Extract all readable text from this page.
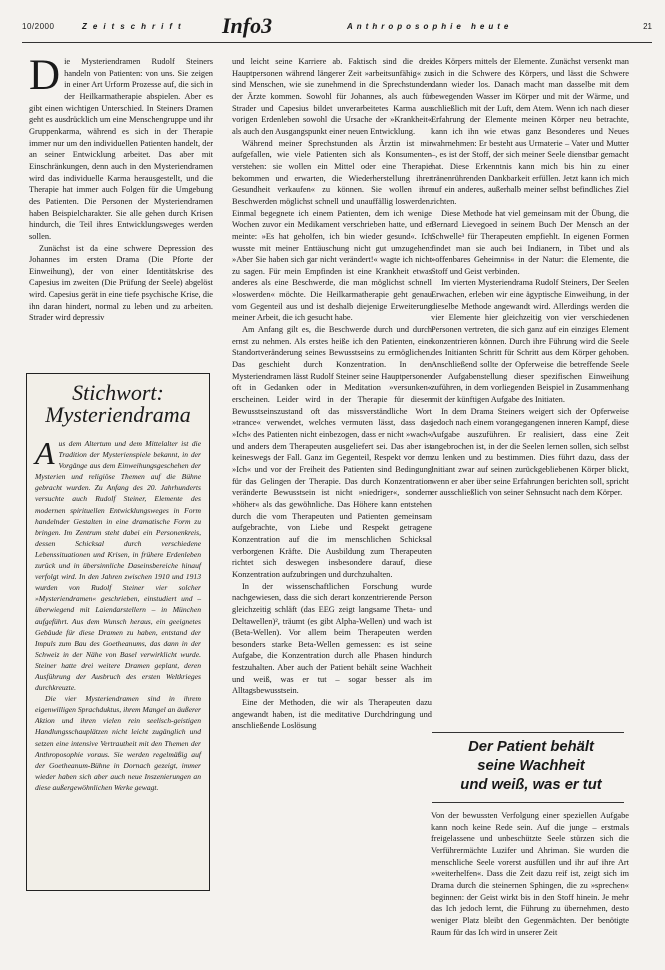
10/2000	Zeitschrift Info3	Anthroposophie heute	21

Die Mysteriendramen Rudolf Steiners handeln von Patienten: von uns. Sie zeigen in einer Art Urform Prozesse auf, die sich in der Heilkarmatherapie abspielen. Aber es gibt einen wichtigen Unterschied. In Steiners Dramen geht es ausdrücklich um eine Menschengruppe und ihr Gruppenkarma, während es sich in der Therapie immer nur um den individuellen Patienten handelt, der an seiner Entwicklung arbeitet. Das aber mit Einschränkungen, denn auch in den Mysteriendramen wird das individuelle Karma herausgestellt, und die Therapie hat immer auch Folgen für die Umgebung des Patienten. Die Personen der Mysteriendramen haben Beispielcharakter. Sie alle gehen durch Krisen hindurch, die Teil ihres Entwicklungsweges werden sollen.

Zunächst ist da eine schwere Depression des Johannes im ersten Drama (Die Pforte der Einweihung), der von einer Identitätskrise des Capesius im zweiten (Die Prüfung der Seele) abgelöst wird. Capesius gerät in eine tiefe psychische Krise, die ihn daran hindert, normal zu leben und zu arbeiten. Strader wird depressiv

Stichwort:
Mysteriendrama

Aus dem Altertum und dem Mittelalter ist die Tradition der Mysterienspiele bekannt, in der Vorgänge aus dem Einweihungsgeschehen der Mysterien und religiöse Themen auf die Bühne gebracht wurden. Zu Anfang des 20. Jahrhunderts versuchte auch Rudolf Steiner, Elemente des modernen spirituellen Entwicklungsweges in Form handelnder Gestalten in eine dramatische Form zu bringen. Im Zentrum steht dabei ein Personenkreis, dessen Schicksal durch verschiedene Lebenssituationen und Krisen, in frühere Erdenleben zurück und in übersinnliche Daseinsbereiche hinauf verfolgt wird. In den Jahren zwischen 1910 und 1913 wurden von Rudolf Steiner vier solcher »Mysteriendramen« geschrieben, einstudiert und – überwiegend mit Laiendarstellern – in München aufgeführt. Aus dem Wunsch heraus, ein geeignetes Gebäude für diese Dramen zu haben, entstand der Impuls zum Bau des Goetheanums, das dann in der Schweiz in der Nähe von Basel verwirklicht wurde. Steiner hatte drei weitere Dramen geplant, deren Ausführung der Ausbruch des ersten Weltkrieges durchkreuzte.

Die vier Mysteriendramen sind in ihrem eigenwilligen Sprachduktus, ihrem Mangel an äußerer Aktion und ihren vielen rein seelisch-geistigen Handlungsschauplätzen nicht leicht zugänglich und setzen eine intensive Vertrautheit mit den Themen der Anthroposophie voraus. Sie werden regelmäßig auf der Goetheanum-Bühne in Dornach gezeigt, immer wieder haben sich aber auch neue Inszenierungen an diese außergewöhnlichen Werke gewagt.

und leicht seine Karriere ab. Faktisch sind die drei Hauptpersonen während längerer Zeit »arbeitsunfähig« zu sind Menschen, wie sie zunehmend in die Sprechstunden der Ärzte kommen. Sowohl für Johannes, als auch für Strader und Capesius bildet unverarbeitetes Karma aus vorigen Erdenleben sowohl die Ursache der »Krankheit« als auch den Ausgangspunkt einer neuen Entwicklung.

Während meiner Sprechstunden als Ärztin ist mir aufgefallen, wie viele Patienten sich als Konsumenten verstehen: sie wollen ein Mittel oder eine Therapie bekommen und erwarten, die Wiederherstellung ihrer Gesundheit verkaufen« zu können. Sie wollen ihre Beschwerden möglichst schnell und unauffällig loswerden. Einmal begegnete ich einem Patienten, dem ich wenige Wochen zuvor ein Medikament verschrieben hatte, und er meinte: »Es hat geholfen, ich bin wieder gesund«. Ich wusste mit meiner Enttäuschung nicht gut umzugehen: »Aber Sie haben sich gar nicht verändert!« wagte ich nicht zu sagen. Für mein Empfinden ist eine Krankheit etwas anderes als eine Beschwerde, die man möglichst schnell »loswerden« möchte. Die Heilkarmatherapie geht genau vom Gegenteil aus und ist deshalb diejenige Erweiterung meiner Arbeit, die ich gesucht habe.

Am Anfang gilt es, die Beschwerde durch und durch ernst zu nehmen. Als erstes heiße ich den Patienten, eine Standortveränderung seines Bewusstseins zu ermöglichen. Das geschieht durch Konzentration. In den Mysteriendramen lässt Rudolf Steiner seine Hauptpersonen oft in Gedanken oder in Meditation »versunken« erscheinen. Leider wird in der Therapie für diesen Bewusstseinszustand oft das missverständliche Wort »trance« verwendet, welches vermuten lässt, dass das »Ich« des Patienten nicht einbezogen, dass er nicht »wach« und anders dem Therapeuten ausgeliefert sei. Das aber ist keineswegs der Fall. Ganz im Gegenteil, Respekt vor dem »Ich« und vor der Freiheit des Patienten sind Bedingung für das Gelingen der Therapie. Das durch Konzentration veränderte Bewusstsein ist nicht »niedriger«, sondern »höher« als das gewöhnliche. Das Höhere kann entstehen durch die vom Therapeuten und Patienten gemeinsam aufgebrachte, von Liebe und Respekt getragene Konzentration auf die im menschlichen Schicksal verborgenen Kräfte. Die Ausbildung zum Therapeuten richtet sich deswegen insbesondere darauf, diese Konzentration aufzubringen und durchzuhalten.

In der wissenschaftlichen Forschung wurde nachgewiesen, dass die sich derart konzentrierende Person gleichzeitig schläft (das EEG zeigt langsame Theta- und Deltawellen)², träumt (es gibt Alpha-Wellen) und wach ist (Beta-Wellen). Vor allem beim Therapeuten werden besonders starke Beta-Wellen gemessen: es ist seine Aufgabe, die Konzentration durch alle Phasen hindurch festzuhalten. Aber auch der Patient behält seine Wachheit und weiß, was er tut – sogar besser als im Alltagsbewusstsein.

Eine der Methoden, die wir als Therapeuten dazu angewandt haben, ist die meditative Durchdringung und anschließende Loslösung

des Körpers mittels der Elemente. Zunächst versenkt man sich in die Schwere des Körpers, und lässt die Schwere dann wieder los. Danach macht man dasselbe mit dem bewegenden Wasser im Körper und mit der Wärme, und schließlich mit der Luft, dem Atem. Wenn ich nach dieser Erfahrung der Elemente meinen Körper neu betrachte, kann ich ihn wie etwas ganz Besonderes und Neues wahrnehmen: Er besteht aus Urmaterie – Vater und Mutter –, es ist der Stoff, der sich meiner Seele dienstbar gemacht hat. Diese Erkenntnis kann mich bis hin zu einer tränenrührenden Dankbarkeit erfüllen. Jetzt kann ich mich auf ein anderes, außerhalb meiner selbst befindliches Ziel richten.

Diese Methode hat viel gemeinsam mit der Übung, die Bernard Lievegoed in seinem Buch Der Mensch an der Schwelle³ für Therapeuten empfiehlt. In eigenen Formen findet man sie auch bei Indianern, in Tibet und als »offenbares Geheimnis« in der Natur: die Elemente, die Stoff und Geist verbinden.

Im vierten Mysteriendrama Rudolf Steiners, Der Seelen Erwachen, erleben wir eine ägyptische Einweihung, in der dieselbe Methode angewandt wird. Allerdings werden die vier Elemente hier gleichzeitig von vier verschiedenen Personen vertreten, die sich ganz auf ein einziges Element konzentrieren können. Durch ihre Führung wird die Seele des Initianten Schritt für Schritt aus dem Körper gehoben. Anschließend sollte der Opferweise die betreffende Seele der Aufgabenstellung dieser spezifischen Einweihung zuführen, in dem vorliegenden Beispiel in Zusammenhang mit der künftigen Aufgabe des Initiaten.

In dem Drama Steiners weigert sich der Opferweise jedoch nach einem vorangegangenen inneren Kampf, diese Aufgabe auszuführen. Er realisiert, dass eine Zeit angebrochen ist, in der die Seelen lernen sollen, sich selbst zu lenken und zu bestimmen. Dies führt dazu, dass der Initiant zwar auf seinen zurückgebliebenen Körper blickt, wenn er aber über seine Erfahrungen berichten soll, spricht er ausschließlich von seiner Sehnsucht nach dem Körper.

Der Patient behält
seine Wachheit
und weiß, was er tut

Von der bewussten Verfolgung einer speziellen Aufgabe kann noch keine Rede sein. Auf die junge – erstmals freigelassene und unbeschützte Seele stürzen sich die Verführermächte Luzifer und Ahriman. Sie wurden die menschliche Seele vorerst ausfüllen und ihr auf ihre Art »weiterhelfen«. Dass die Zeit dazu reif ist, zeigt sich im Drama durch die steinernen Sphingen, die zu »sprechen« beginnen: der Geist wirkt bis in den Stoff hinein. Je mehr das Ich jedoch lernt, die Führung zu übernehmen, desto weniger Platz bleibt den Gegenmächten. Der benötigte Raum für das Ich wird in unserer Zeit
